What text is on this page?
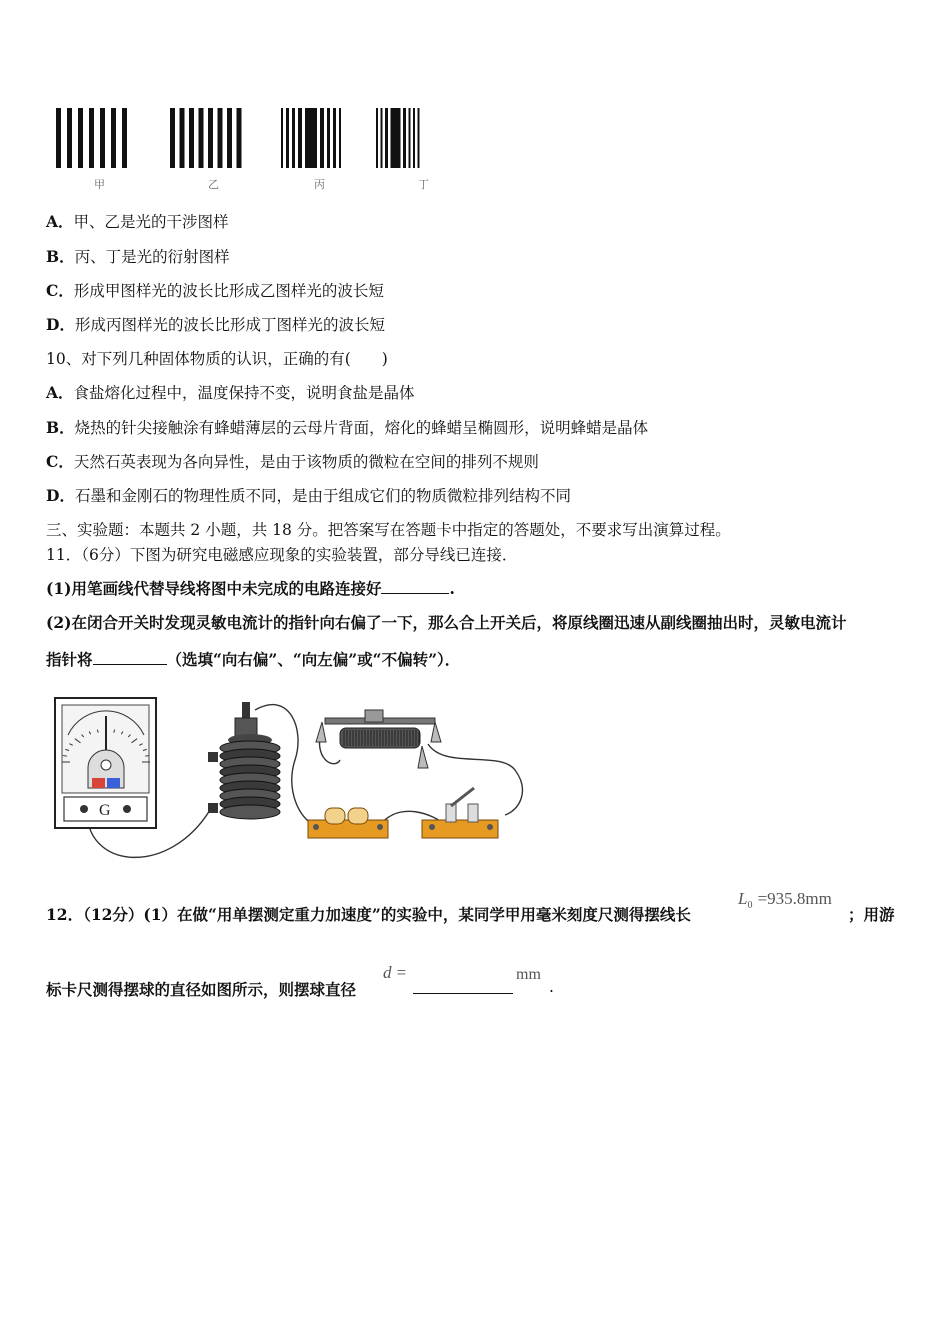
甲	乙	丙	丁
A．甲、乙是光的干涉图样
B．丙、丁是光的衍射图样
C．形成甲图样光的波长比形成乙图样光的波长短
D．形成丙图样光的波长比形成丁图样光的波长短
10、对下列几种固体物质的认识，正确的有(　　)
A．食盐熔化过程中，温度保持不变，说明食盐是晶体
B．烧热的针尖接触涂有蜂蜡薄层的云母片背面，熔化的蜂蜡呈椭圆形，说明蜂蜡是晶体
C．天然石英表现为各向异性，是由于该物质的微粒在空间的排列不规则
D．石墨和金刚石的物理性质不同，是由于组成它们的物质微粒排列结构不同
三、实验题：本题共 2 小题，共 18 分。把答案写在答题卡中指定的答题处，不要求写出演算过程。
11．（6分）下图为研究电磁感应现象的实验装置，部分导线已连接．
(1)用笔画线代替导线将图中未完成的电路连接好	.
(2)在闭合开关时发现灵敏电流计的指针向右偏了一下，那么合上开关后，将原线圈迅速从副线圈抽出时，灵敏电流计
指针将	（选填“向右偏”、“向左偏”或“不偏转”）．
G
12．（12分）(1）在做“用单摆测定重力加速度”的实验中，某同学甲用毫米刻度尺测得摆线长
$L_0 =935.8mm$
；用游
标卡尺测得摆球的直径如图所示，则摆球直径
d =	mm
.
